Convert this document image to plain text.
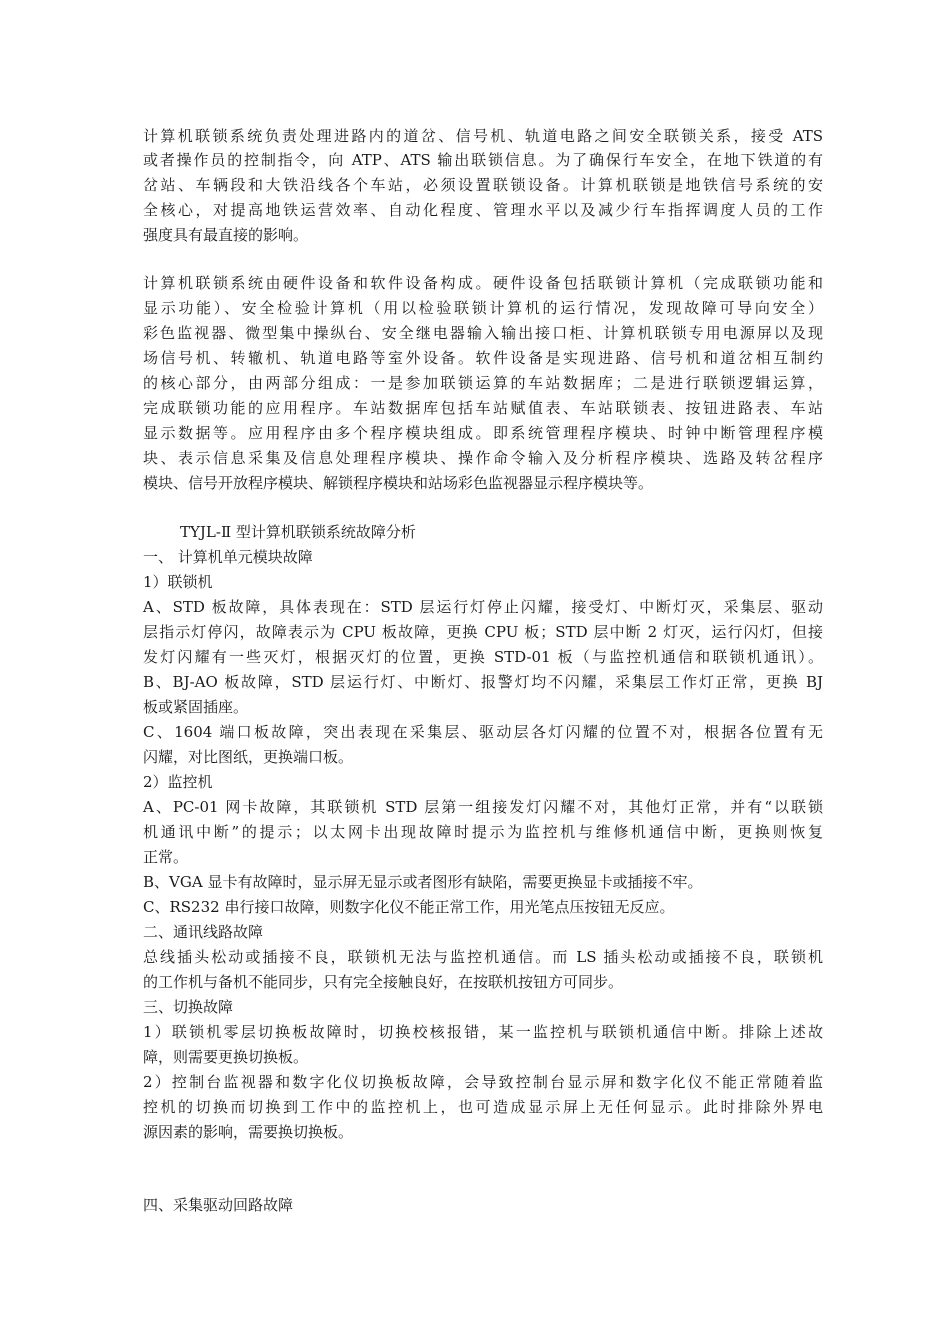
计算机联锁系统负责处理进路内的道岔、信号机、轨道电路之间安全联锁关系，接受 ATS
或者操作员的控制指令，向 ATP、ATS 输出联锁信息。为了确保行车安全，在地下铁道的有
岔站、车辆段和大铁沿线各个车站，必须设置联锁设备。计算机联锁是地铁信号系统的安
全核心，对提高地铁运营效率、自动化程度、管理水平以及减少行车指挥调度人员的工作
强度具有最直接的影响。
计算机联锁系统由硬件设备和软件设备构成。硬件设备包括联锁计算机（完成联锁功能和
显示功能）、安全检验计算机（用以检验联锁计算机的运行情况，发现故障可导向安全）
彩色监视器、微型集中操纵台、安全继电器输入输出接口柜、计算机联锁专用电源屏以及现
场信号机、转辙机、轨道电路等室外设备。软件设备是实现进路、信号机和道岔相互制约
的核心部分，由两部分组成：一是参加联锁运算的车站数据库；二是进行联锁逻辑运算，
完成联锁功能的应用程序。车站数据库包括车站赋值表、车站联锁表、按钮进路表、车站
显示数据等。应用程序由多个程序模块组成。即系统管理程序模块、时钟中断管理程序模
块、表示信息采集及信息处理程序模块、操作命令输入及分析程序模块、选路及转岔程序
模块、信号开放程序模块、解锁程序模块和站场彩色监视器显示程序模块等。
TYJL-Ⅱ 型计算机联锁系统故障分析
一、 计算机单元模块故障
1）联锁机
A、STD 板故障，具体表现在：STD 层运行灯停止闪耀，接受灯、中断灯灭，采集层、驱动
层指示灯停闪，故障表示为 CPU 板故障，更换 CPU 板；STD 层中断 2 灯灭，运行闪灯，但接
发灯闪耀有一些灭灯，根据灭灯的位置，更换 STD-01 板（与监控机通信和联锁机通讯）。
B、BJ-AO 板故障，STD 层运行灯、中断灯、报警灯均不闪耀，采集层工作灯正常，更换 BJ
板或紧固插座。
C、1604 端口板故障，突出表现在采集层、驱动层各灯闪耀的位置不对，根据各位置有无
闪耀，对比图纸，更换端口板。
2）监控机
A、PC-01 网卡故障，其联锁机 STD 层第一组接发灯闪耀不对，其他灯正常，并有“以联锁
机通讯中断”的提示；以太网卡出现故障时提示为监控机与维修机通信中断，更换则恢复
正常。
B、VGA 显卡有故障时，显示屏无显示或者图形有缺陷，需要更换显卡或插接不牢。
C、RS232 串行接口故障，则数字化仪不能正常工作，用光笔点压按钮无反应。
二、通讯线路故障
总线插头松动或插接不良，联锁机无法与监控机通信。而 LS 插头松动或插接不良，联锁机
的工作机与备机不能同步，只有完全接触良好，在按联机按钮方可同步。
三、切换故障
1）联锁机零层切换板故障时，切换校核报错，某一监控机与联锁机通信中断。排除上述故
障，则需要更换切换板。
2）控制台监视器和数字化仪切换板故障，会导致控制台显示屏和数字化仪不能正常随着监
控机的切换而切换到工作中的监控机上，也可造成显示屏上无任何显示。此时排除外界电
源因素的影响，需要换切换板。
四、采集驱动回路故障
